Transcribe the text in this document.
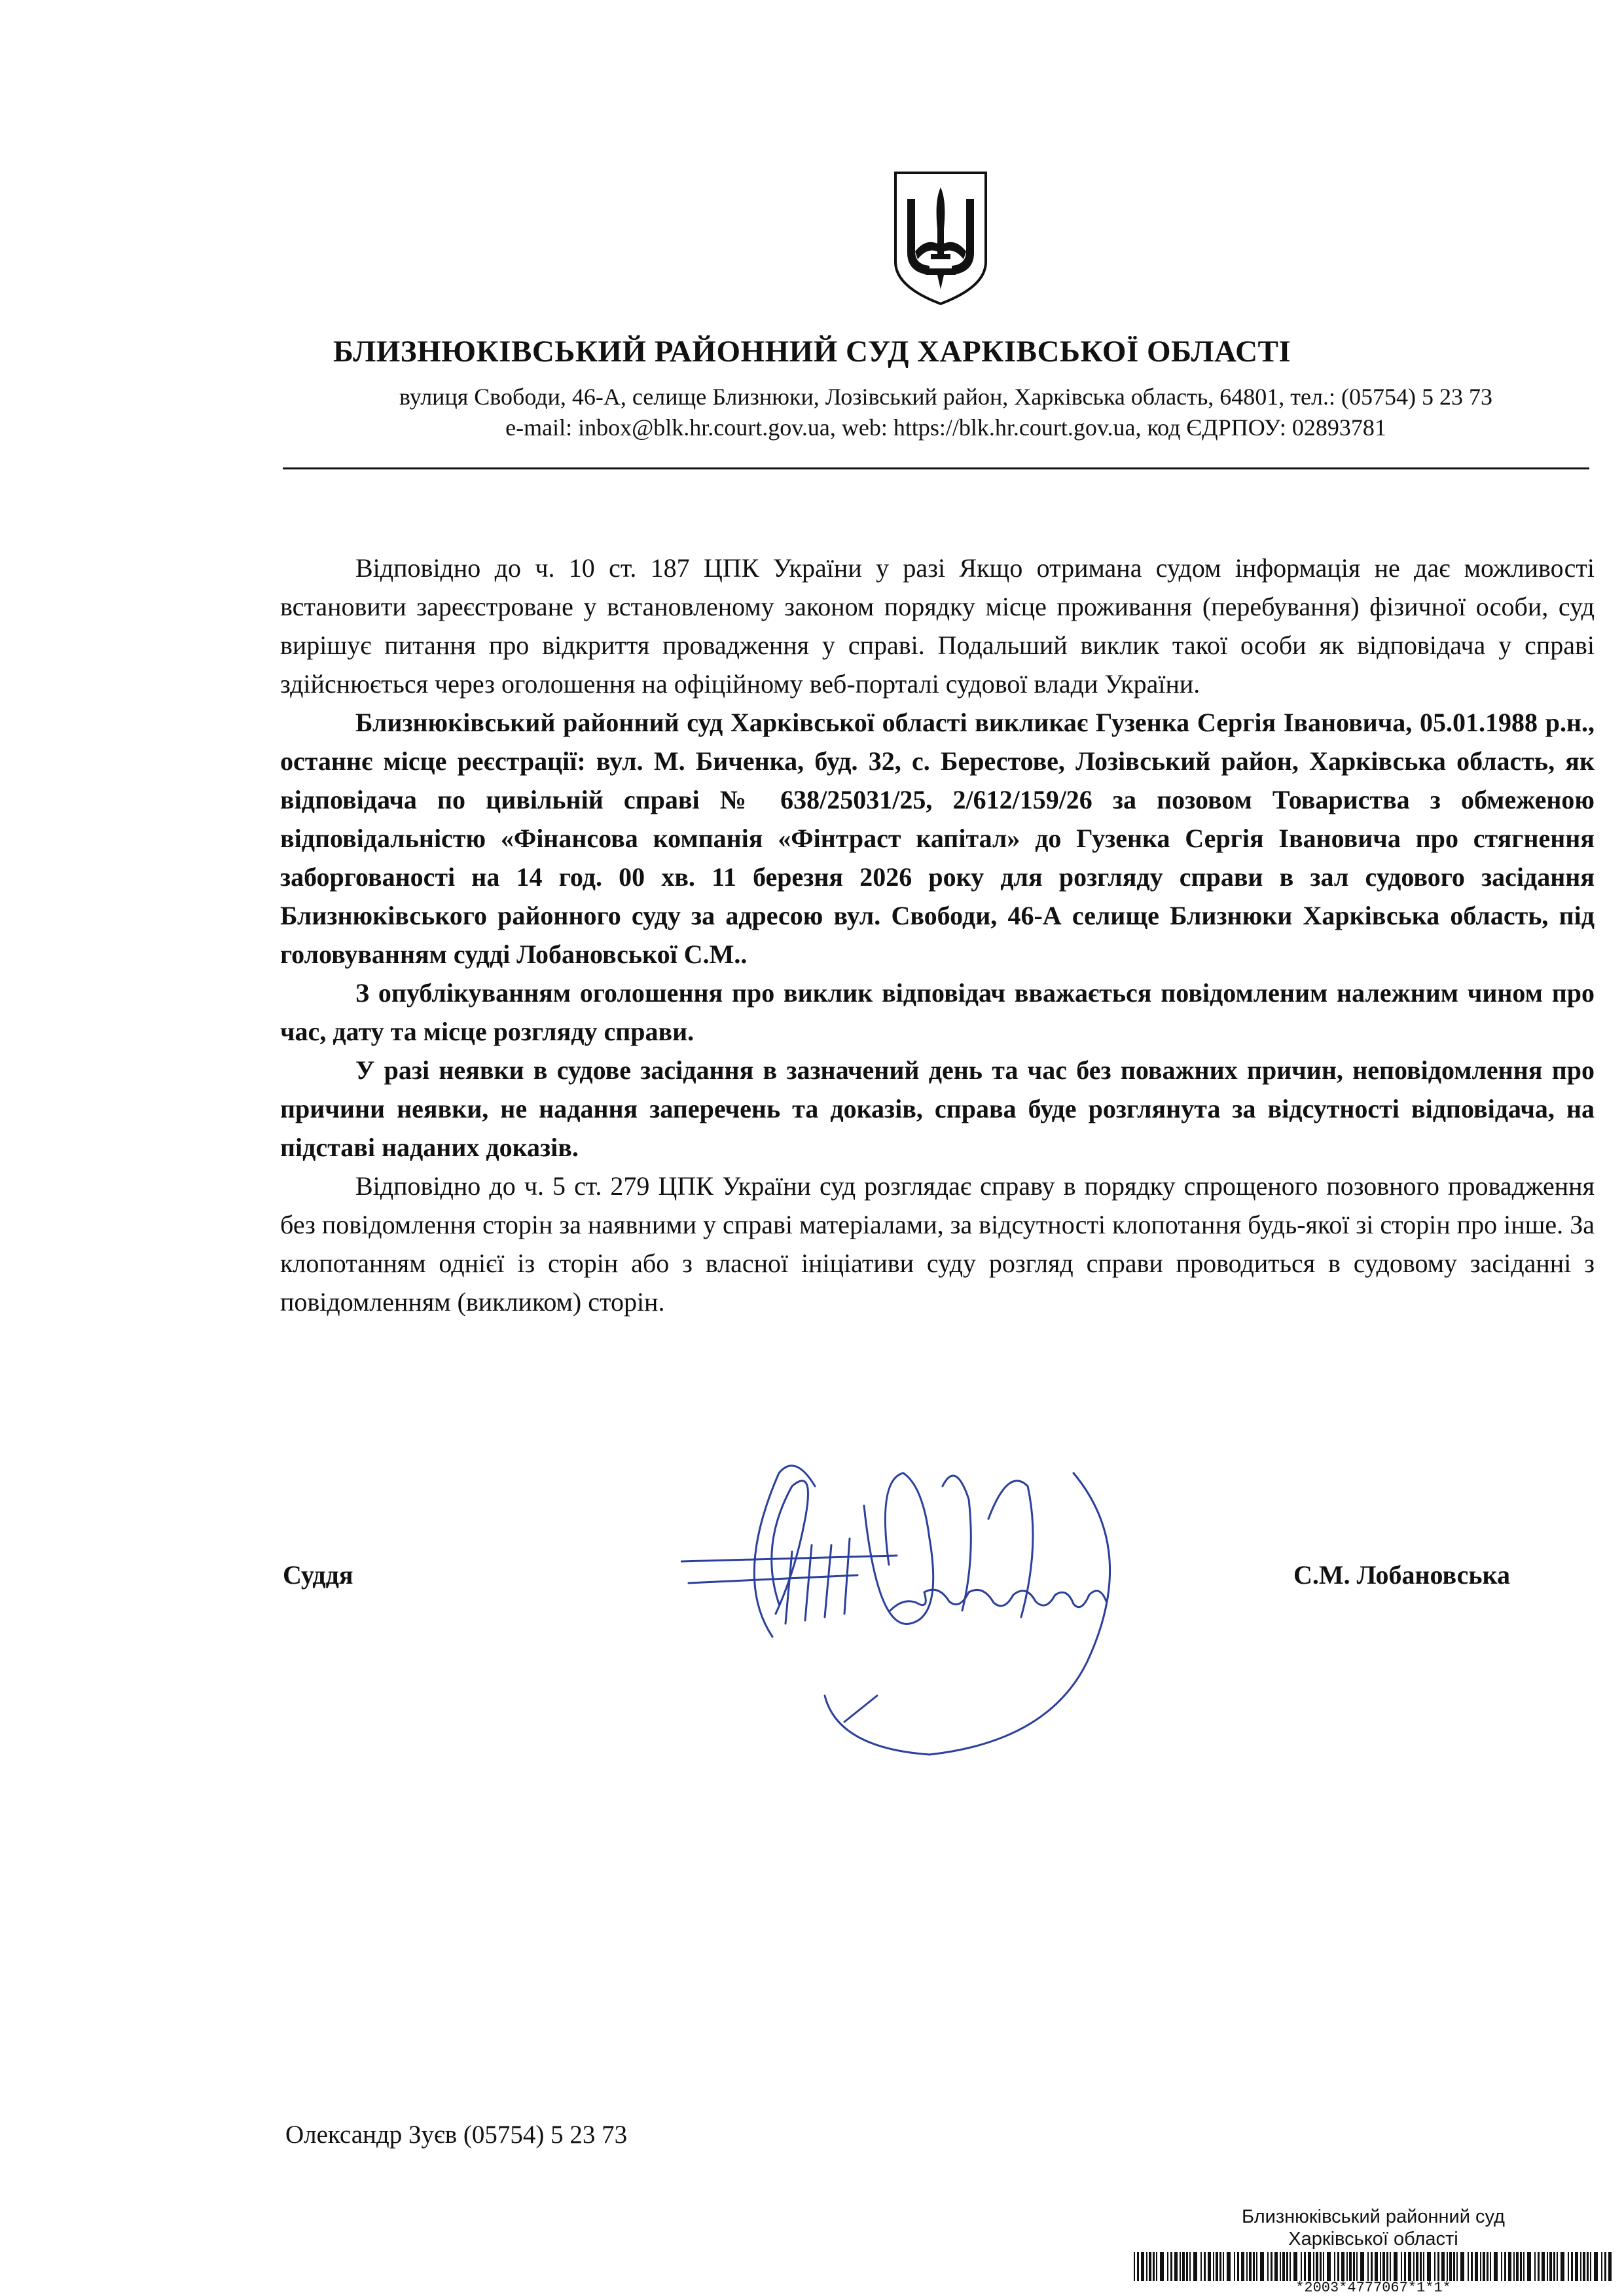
БЛИЗНЮКІВСЬКИЙ РАЙОННИЙ СУД ХАРКІВСЬКОЇ ОБЛАСТІ
вулиця Свободи, 46-А, селище Близнюки, Лозівський район, Харківська область, 64801, тел.: (05754) 5 23 73
e-mail: inbox@blk.hr.court.gov.ua, web: https://blk.hr.court.gov.ua, код ЄДРПОУ: 02893781

Відповідно до ч. 10 ст. 187 ЦПК України у разі Якщо отримана судом інформація не дає можливості встановити зареєстроване у встановленому законом порядку місце проживання (перебування) фізичної особи, суд вирішує питання про відкриття провадження у справі. Подальший виклик такої особи як відповідача у справі здійснюється через оголошення на офіційному веб-порталі судової влади України.

Близнюківський районний суд Харківської області викликає Гузенка Сергія Івановича, 05.01.1988 р.н., останнє місце реєстрації: вул. М. Биченка, буд. 32, с. Берестове, Лозівський район, Харківська область, як відповідача по цивільній справі № 638/25031/25, 2/612/159/26 за позовом Товариства з обмеженою відповідальністю «Фінансова компанія «Фінтраст капітал» до Гузенка Сергія Івановича про стягнення заборгованості на 14 год. 00 хв. 11 березня 2026 року для розгляду справи в зал судового засідання Близнюківського районного суду за адресою вул. Свободи, 46-А селище Близнюки Харківська область, під головуванням судді Лобановської С.М..

З опублікуванням оголошення про виклик відповідач вважається повідомленим належним чином про час, дату та місце розгляду справи.

У разі неявки в судове засідання в зазначений день та час без поважних причин, неповідомлення про причини неявки, не надання заперечень та доказів, справа буде розглянута за відсутності відповідача, на підставі наданих доказів.

Відповідно до ч. 5 ст. 279 ЦПК України суд розглядає справу в порядку спрощеного позовного провадження без повідомлення сторін за наявними у справі матеріалами, за відсутності клопотання будь-якої зі сторін про інше. За клопотанням однієї із сторін або з власної ініціативи суду розгляд справи проводиться в судовому засіданні з повідомленням (викликом) сторін.

Суддя	С.М. Лобановська
Олександр Зуєв (05754) 5 23 73
Близнюківський районний суд
Харківської області
*2003*4777067*1*1*
